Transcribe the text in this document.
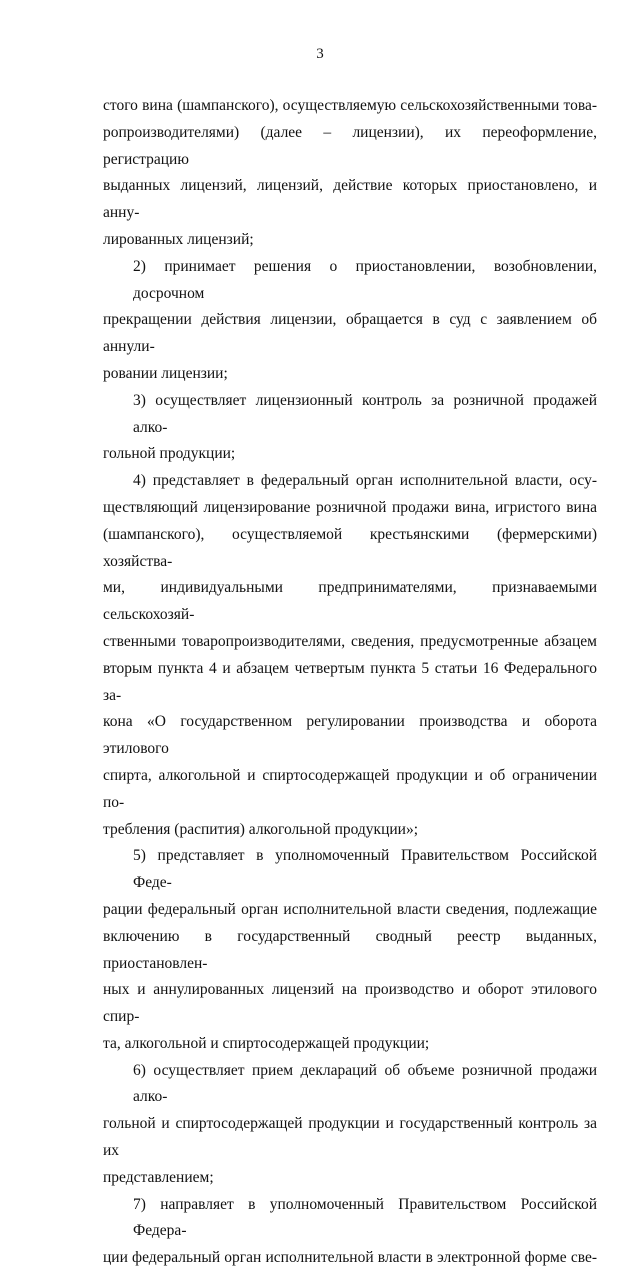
3
стого вина (шампанского), осуществляемую сельскохозяйственными това-
ропроизводителями) (далее – лицензии), их переоформление, регистрацию
выданных лицензий, лицензий, действие которых приостановлено, и анну-
лированных лицензий;
2) принимает решения о приостановлении, возобновлении, досрочном
прекращении действия лицензии, обращается в суд с заявлением об аннули-
ровании лицензии;
3) осуществляет лицензионный контроль за розничной продажей алко-
гольной продукции;
4) представляет в федеральный орган исполнительной власти, осу-
ществляющий лицензирование розничной продажи вина, игристого вина
(шампанского), осуществляемой крестьянскими (фермерскими) хозяйства-
ми, индивидуальными предпринимателями, признаваемыми сельскохозяй-
ственными товаропроизводителями, сведения, предусмотренные абзацем
вторым пункта 4 и абзацем четвертым пункта 5 статьи 16 Федерального за-
кона «О государственном регулировании производства и оборота этилового
спирта, алкогольной и спиртосодержащей продукции и об ограничении по-
требления (распития) алкогольной продукции»;
5) представляет в уполномоченный Правительством Российской Феде-
рации федеральный орган исполнительной власти сведения, подлежащие
включению в государственный сводный реестр выданных, приостановлен-
ных и аннулированных лицензий на производство и оборот этилового спир-
та, алкогольной и спиртосодержащей продукции;
6) осуществляет прием деклараций об объеме розничной продажи алко-
гольной и спиртосодержащей продукции и государственный контроль за их
представлением;
7) направляет в уполномоченный Правительством Российской Федера-
ции федеральный орган исполнительной власти в электронной форме све-
